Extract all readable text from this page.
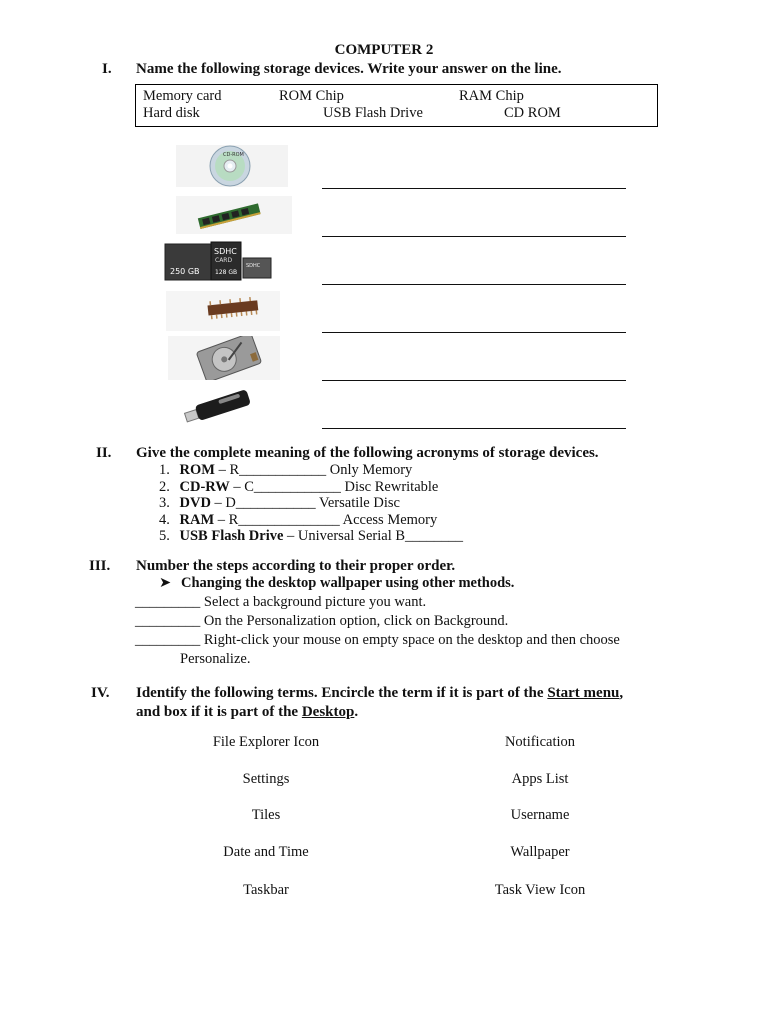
COMPUTER 2
I. Name the following storage devices. Write your answer on the line.
Memory card	ROM Chip	RAM Chip
Hard disk	USB Flash Drive	CD ROM
CD-ROM
250 GB
SDHC
CARD
128 GB
SDHC
II. Give the complete meaning of the following acronyms of storage devices.
1. ROM – R____________ Only Memory
2. CD-RW – C____________ Disc Rewritable
3. DVD – D___________ Versatile Disc
4. RAM – R______________ Access Memory
5. USB Flash Drive – Universal Serial B________
III. Number the steps according to their proper order.
➤ Changing the desktop wallpaper using other methods.
_________ Select a background picture you want.
_________ On the Personalization option, click on Background.
_________ Right-click your mouse on empty space on the desktop and then choose
Personalize.
IV. Identify the following terms. Encircle the term if it is part of the Start menu,
and box if it is part of the Desktop.
File Explorer Icon	Notification
Settings	Apps List
Tiles	Username
Date and Time	Wallpaper
Taskbar	Task View Icon
